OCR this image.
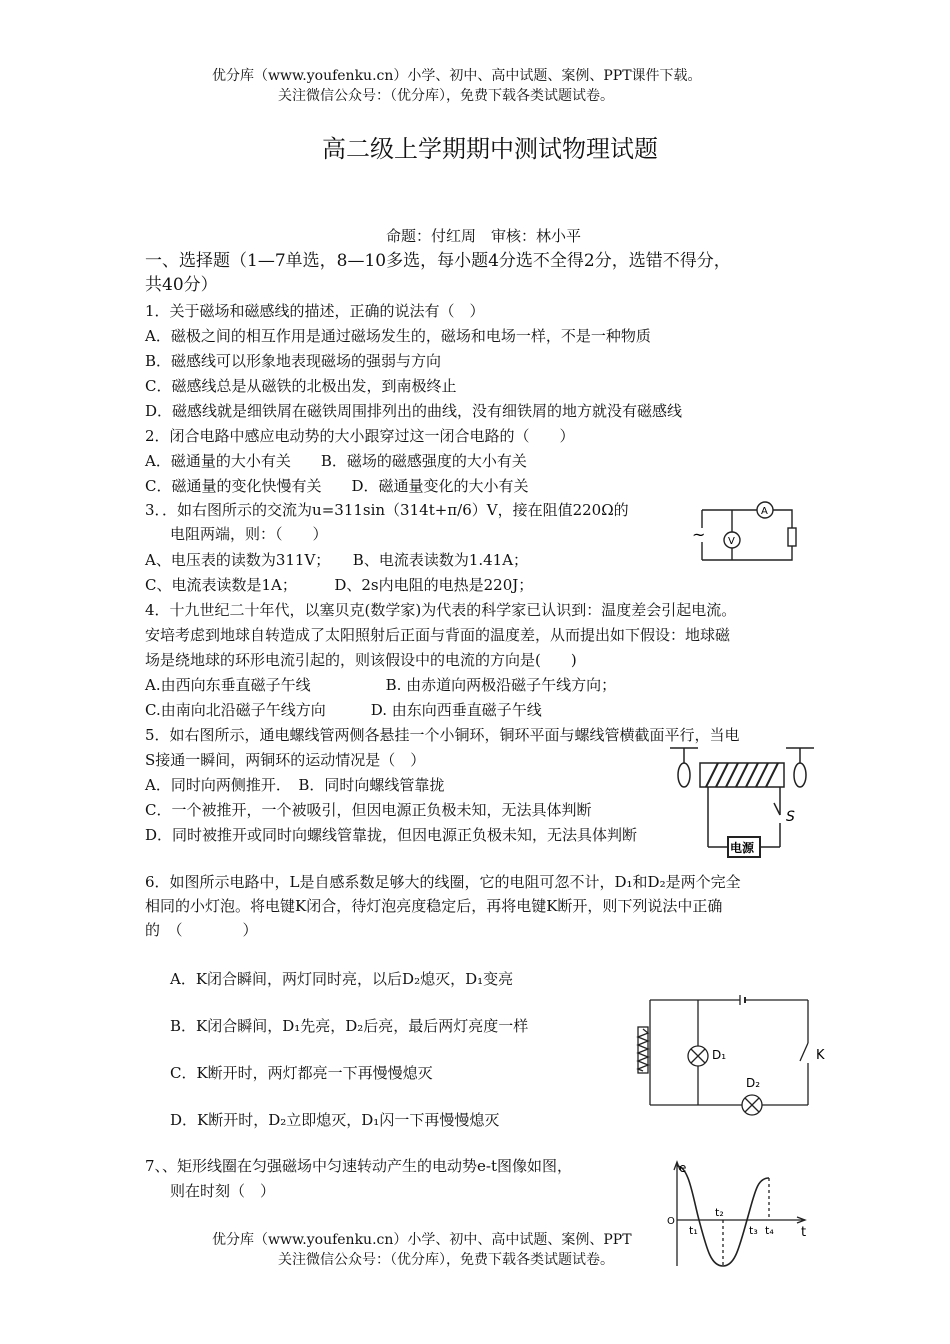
优分库（www.youfenku.cn）小学、初中、高中试题、案例、PPT课件下载。
关注微信公众号：（优分库），免费下载各类试题试卷。
高二级上学期期中测试物理试题
命题：付红周　审核：林小平
一、选择题（1—7单选，8—10多选，每小题4分选不全得2分，选错不得分，
共40分）
1．关于磁场和磁感线的描述，正确的说法有（　）
A．磁极之间的相互作用是通过磁场发生的，磁场和电场一样，不是一种物质
B．磁感线可以形象地表现磁场的强弱与方向
C．磁感线总是从磁铁的北极出发，到南极终止
D．磁感线就是细铁屑在磁铁周围排列出的曲线，没有细铁屑的地方就没有磁感线
2．闭合电路中感应电动势的大小跟穿过这一闭合电路的（　　）
A．磁通量的大小有关　　B．磁场的磁感强度的大小有关
C．磁通量的变化快慢有关　　D．磁通量变化的大小有关
3．．如右图所示的交流为u=311sin（314t+π/6）V，接在阻值220Ω的
电阻两端，则：（　　）
A、电压表的读数为311V；　　B、电流表读数为1.41A；
C、电流表读数是1A；　　　D、2s内电阻的电热是220J；
~
A
V
4．十九世纪二十年代，以塞贝克(数学家)为代表的科学家已认识到：温度差会引起电流。
安培考虑到地球自转造成了太阳照射后正面与背面的温度差，从而提出如下假设：地球磁
场是绕地球的环形电流引起的，则该假设中的电流的方向是(　　)
A.由西向东垂直磁子午线　　　　　B. 由赤道向两极沿磁子午线方向；
C.由南向北沿磁子午线方向　　　D. 由东向西垂直磁子午线
5．如右图所示，通电螺线管两侧各悬挂一个小铜环，铜环平面与螺线管横截面平行，当电
S接通一瞬间，两铜环的运动情况是（　）
A．同时向两侧推开．　B．同时向螺线管靠拢
C．一个被推开，一个被吸引，但因电源正负极未知，无法具体判断
D．同时被推开或同时向螺线管靠拢，但因电源正负极未知，无法具体判断
S
电源
6．如图所示电路中，L是自感系数足够大的线圈，它的电阻可忽不计，D₁和D₂是两个完全
相同的小灯泡。将电键K闭合，待灯泡亮度稳定后，再将电键K断开，则下列说法中正确
的　（　　　　）
A．K闭合瞬间，两灯同时亮，以后D₂熄灭，D₁变亮
B．K闭合瞬间，D₁先亮，D₂后亮，最后两灯亮度一样
C．K断开时，两灯都亮一下再慢慢熄灭
D．K断开时，D₂立即熄灭，D₁闪一下再慢慢熄灭
D₁
D₂
K
7、、矩形线圈在匀强磁场中匀速转动产生的电动势e-t图像如图，
则在时刻（　）
e
t
O
t₁
t₂
t₃ t₄
优分库（www.youfenku.cn）小学、初中、高中试题、案例、PPT
关注微信公众号：（优分库），免费下载各类试题试卷。
